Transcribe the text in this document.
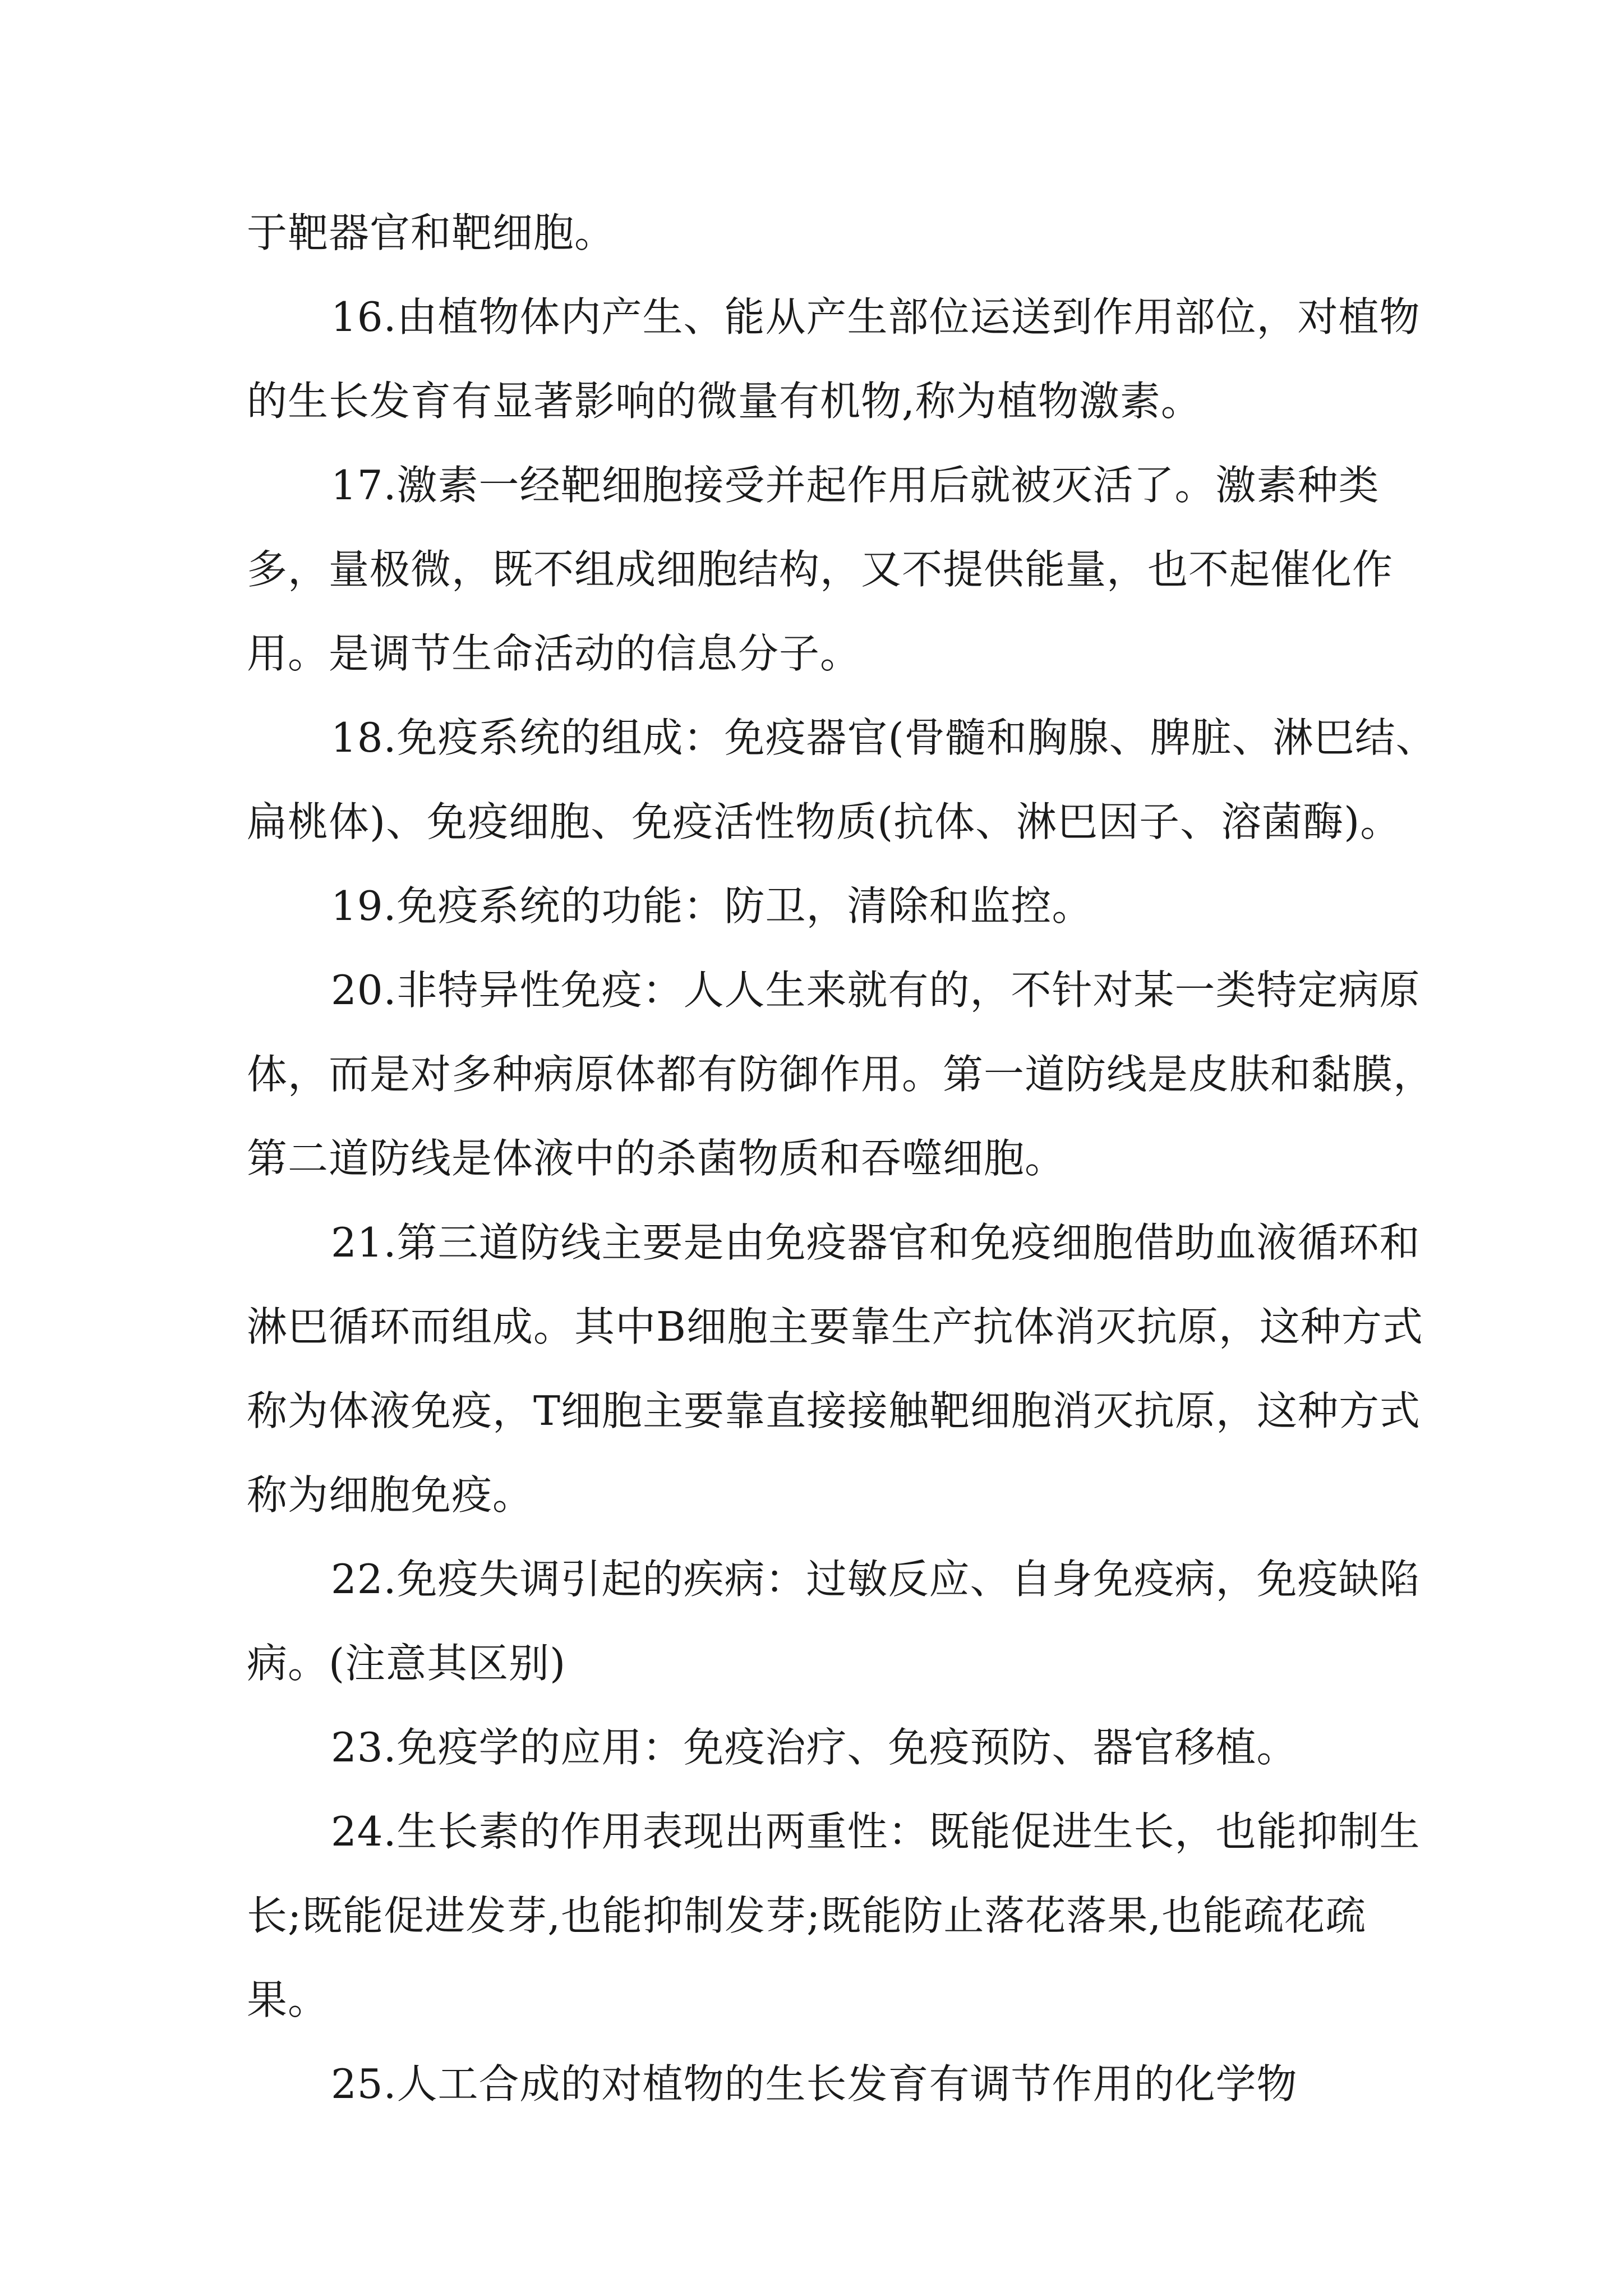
于靶器官和靶细胞。

16.由植物体内产生、能从产生部位运送到作用部位，对植物的生长发育有显著影响的微量有机物,称为植物激素。

17.激素一经靶细胞接受并起作用后就被灭活了。激素种类多，量极微，既不组成细胞结构，又不提供能量，也不起催化作用。是调节生命活动的信息分子。

18.免疫系统的组成：免疫器官(骨髓和胸腺、脾脏、淋巴结、扁桃体)、免疫细胞、免疫活性物质(抗体、淋巴因子、溶菌酶)。

19.免疫系统的功能：防卫，清除和监控。

20.非特异性免疫：人人生来就有的，不针对某一类特定病原体，而是对多种病原体都有防御作用。第一道防线是皮肤和黏膜，第二道防线是体液中的杀菌物质和吞噬细胞。

21.第三道防线主要是由免疫器官和免疫细胞借助血液循环和淋巴循环而组成。其中B细胞主要靠生产抗体消灭抗原，这种方式称为体液免疫，T细胞主要靠直接接触靶细胞消灭抗原，这种方式称为细胞免疫。

22.免疫失调引起的疾病：过敏反应、自身免疫病，免疫缺陷病。(注意其区别)

23.免疫学的应用：免疫治疗、免疫预防、器官移植。

24.生长素的作用表现出两重性：既能促进生长，也能抑制生长;既能促进发芽,也能抑制发芽;既能防止落花落果,也能疏花疏果。

25.人工合成的对植物的生长发育有调节作用的化学物
